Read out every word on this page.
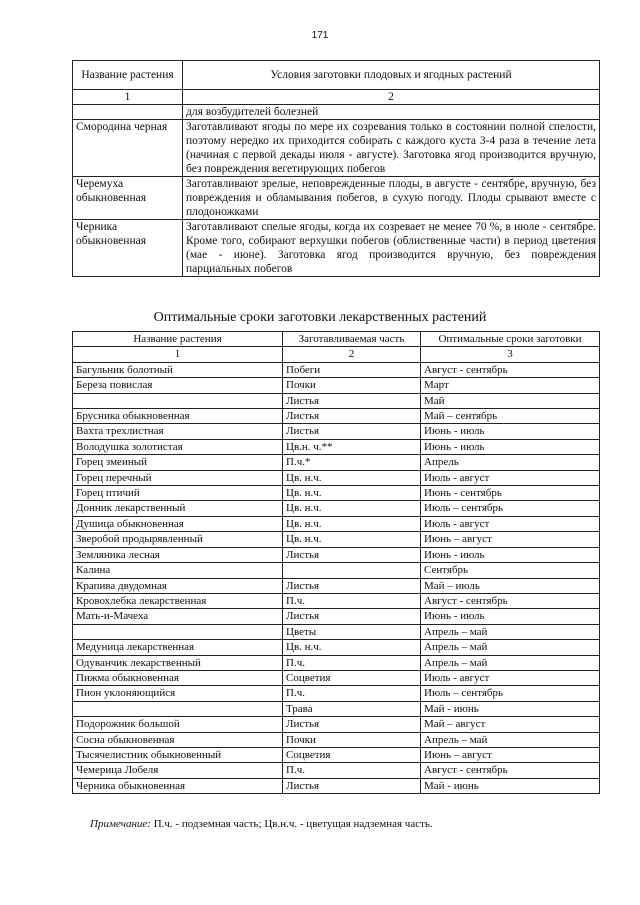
171
Название растения	Условия заготовки плодовых и ягодных растений
1	2
	для возбудителей болезней
Смородина черная	Заготавливают ягоды по мере их созревания только в состоянии полной спелости, поэтому нередко их приходится собирать с каждого куста 3-4 раза в течение лета (начиная с первой декады июля - августе). Заготовка ягод производится вручную, без повреждения вегетирующих побегов
Черемуха обыкновенная	Заготавливают зрелые, неповрежденные плоды, в августе - сентябре, вручную, без повреждения и обламывания побегов, в сухую погоду. Плоды срывают вместе с плодоножками
Черника обыкновенная	Заготавливают спелые ягоды, когда их созревает не менее 70 %, в июле - сентябре. Кроме того, собирают верхушки побегов (облиственные части) в период цветения (мае - июне). Заготовка ягод производится вручную, без повреждения парциальных побегов
Оптимальные сроки заготовки лекарственных растений
Название растения	Заготавливаемая часть	Оптимальные сроки заготовки
1	2	3
Багульник болотный	Побеги	Август - сентябрь
Береза повислая	Почки	Март
	Листья	Май
Брусника обыкновенная	Листья	Май – сентябрь
Вахта трехлистная	Листья	Июнь - июль
Володушка золотистая	Цв.н. ч.**	Июнь - июль
Горец змеиный	П.ч.*	Апрель
Горец перечный	Цв. н.ч.	Июль - август
Горец птичий	Цв. н.ч.	Июнь - сентябрь
Донник лекарственный	Цв. н.ч.	Июль – сентябрь
Душица обыкновенная	Цв. н.ч.	Июль - август
Зверобой продырявленный	Цв. н.ч.	Июнь – август
Земляника лесная	Листья	Июнь - июль
Калина		Сентябрь
Крапива двудомная	Листья	Май – июль
Кровохлебка лекарственная	П.ч.	Август - сентябрь
Мать-и-Мачеха	Листья	Июнь - июль
	Цветы	Апрель – май
Медуница лекарственная	Цв. н.ч.	Апрель – май
Одуванчик лекарственный	П.ч.	Апрель – май
Пижма обыкновенная	Соцветия	Июль - август
Пион уклоняющийся	П.ч.	Июль – сентябрь
	Трава	Май - июнь
Подорожник большой	Листья	Май – август
Сосна обыкновенная	Почки	Апрель – май
Тысячелистник обыкновенный	Соцветия	Июнь – август
Чемерица Лобеля	П.ч.	Август - сентябрь
Черника обыкновенная	Листья	Май - июнь
Примечание: П.ч. - подземная часть; Цв.н.ч. - цветущая надземная часть.
